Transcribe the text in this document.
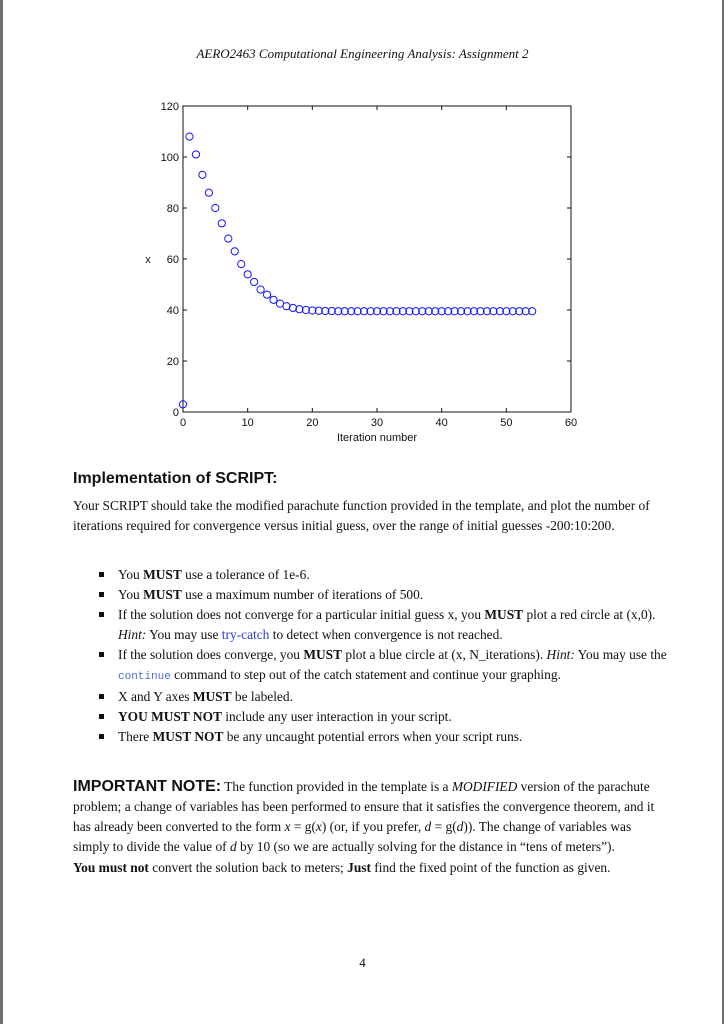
AERO2463 Computational Engineering Analysis: Assignment 2
0	10	20	30	40	50	60
0
20
40
60
80
100
120
Iteration number
x
Implementation of SCRIPT:
Your SCRIPT should take the modified parachute function provided in the template, and plot the number of iterations required for convergence versus initial guess, over the range of initial guesses -200:10:200.
You MUST use a tolerance of 1e-6.
You MUST use a maximum number of iterations of 500.
If the solution does not converge for a particular initial guess x, you MUST plot a red circle at (x,0). Hint: You may use try-catch to detect when convergence is not reached.
If the solution does converge, you MUST plot a blue circle at (x, N_iterations). Hint: You may use the continue command to step out of the catch statement and continue your graphing.
X and Y axes MUST be labeled.
YOU MUST NOT include any user interaction in your script.
There MUST NOT be any uncaught potential errors when your script runs.
IMPORTANT NOTE: The function provided in the template is a MODIFIED version of the parachute problem; a change of variables has been performed to ensure that it satisfies the convergence theorem, and it has already been converted to the form x = g(x) (or, if you prefer, d = g(d)). The change of variables was simply to divide the value of d by 10 (so we are actually solving for the distance in “tens of meters”).
You must not convert the solution back to meters; Just find the fixed point of the function as given.
4
